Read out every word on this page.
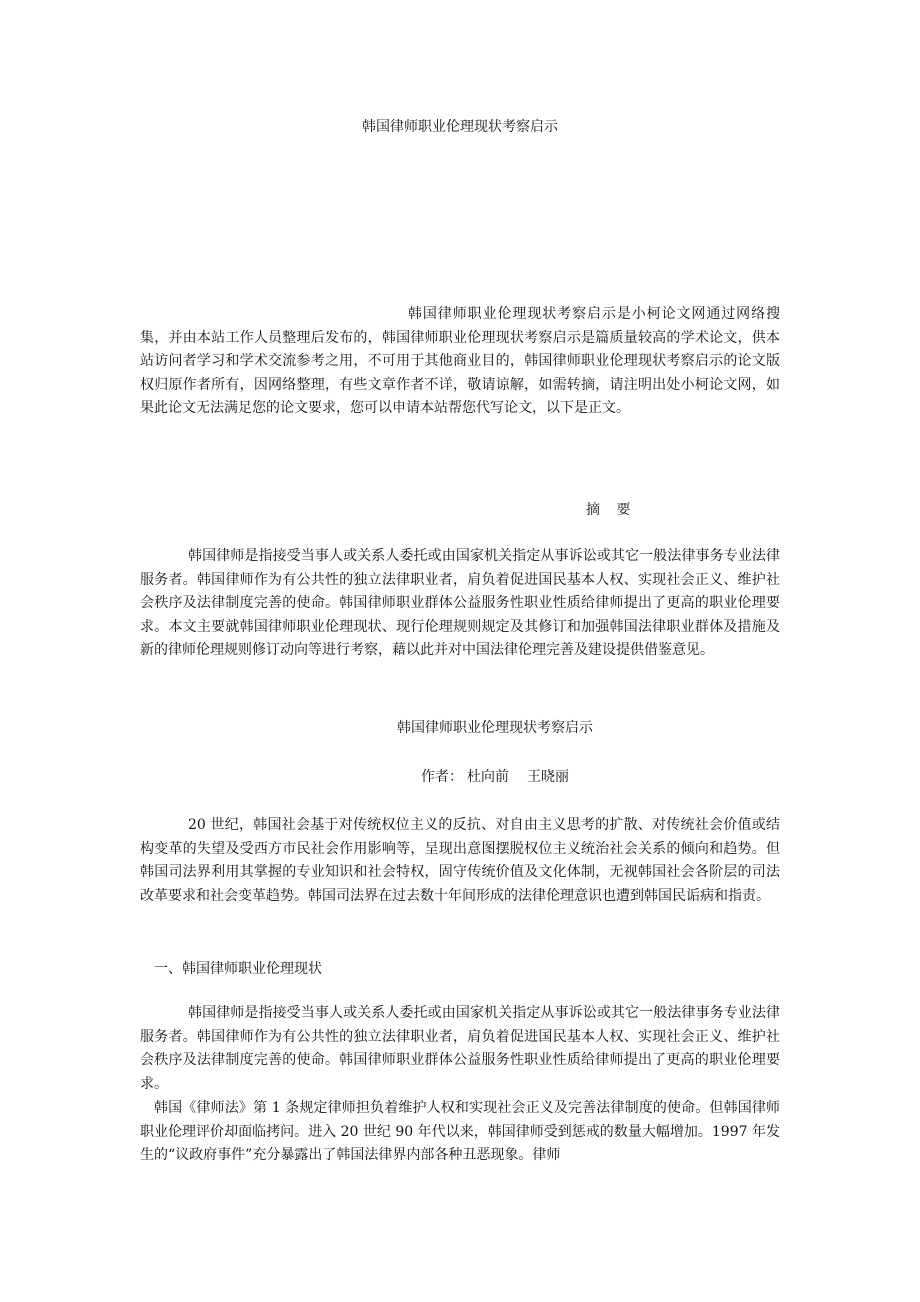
韩国律师职业伦理现状考察启示

韩国律师职业伦理现状考察启示是小柯论文网通过网络搜集，并由本站工作人员整理后发布的，韩国律师职业伦理现状考察启示是篇质量较高的学术论文，供本站访问者学习和学术交流参考之用，不可用于其他商业目的，韩国律师职业伦理现状考察启示的论文版权归原作者所有，因网络整理，有些文章作者不详，敬请谅解，如需转摘，请注明出处小柯论文网，如果此论文无法满足您的论文要求，您可以申请本站帮您代写论文，以下是正文。

摘 要

韩国律师是指接受当事人或关系人委托或由国家机关指定从事诉讼或其它一般法律事务专业法律服务者。韩国律师作为有公共性的独立法律职业者，肩负着促进国民基本人权、实现社会正义、维护社会秩序及法律制度完善的使命。韩国律师职业群体公益服务性职业性质给律师提出了更高的职业伦理要求。本文主要就韩国律师职业伦理现状、现行伦理规则规定及其修订和加强韩国法律职业群体及措施及新的律师伦理规则修订动向等进行考察，藉以此并对中国法律伦理完善及建设提供借鉴意见。

韩国律师职业伦理现状考察启示
作者： 杜向前 王晓丽

20 世纪，韩国社会基于对传统权位主义的反抗、对自由主义思考的扩散、对传统社会价值或结构变革的失望及受西方市民社会作用影响等，呈现出意图摆脱权位主义统治社会关系的倾向和趋势。但韩国司法界利用其掌握的专业知识和社会特权，固守传统价值及文化体制，无视韩国社会各阶层的司法改革要求和社会变革趋势。韩国司法界在过去数十年间形成的法律伦理意识也遭到韩国民诟病和指责。

一、韩国律师职业伦理现状

韩国律师是指接受当事人或关系人委托或由国家机关指定从事诉讼或其它一般法律事务专业法律服务者。韩国律师作为有公共性的独立法律职业者，肩负着促进国民基本人权、实现社会正义、维护社会秩序及法律制度完善的使命。韩国律师职业群体公益服务性职业性质给律师提出了更高的职业伦理要求。

韩国《律师法》第 1 条规定律师担负着维护人权和实现社会正义及完善法律制度的使命。但韩国律师职业伦理评价却面临拷问。进入 20 世纪 90 年代以来，韩国律师受到惩戒的数量大幅增加。1997 年发生的“议政府事件”充分暴露出了韩国法律界内部各种丑恶现象。律师
